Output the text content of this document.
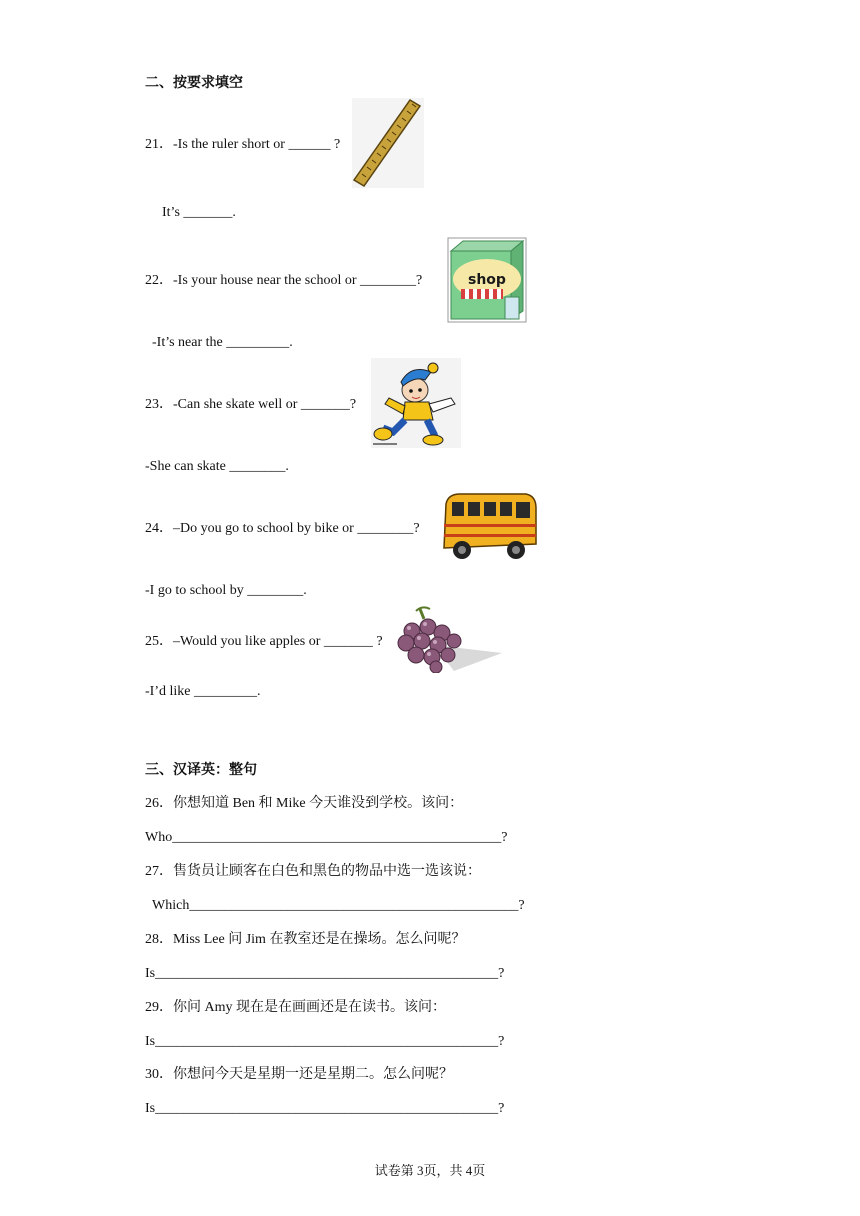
二、按要求填空
21．-Is the ruler short or ______ ?
It’s _______.
22．-Is your house near the school or ________?
-It’s near the _________.
23．-Can she skate well or _______?
-She can skate ________.
24．–Do you go to school by bike or ________?
-I go to school by ________.
25．–Would you like apples or _______ ?
-I’d like _________.
shop
三、汉译英：整句
26．你想知道 Ben 和 Mike 今天谁没到学校。该问：
Who_______________________________________________?
27．售货员让顾客在白色和黑色的物品中选一选该说：
Which_______________________________________________?
28．Miss Lee 问 Jim 在教室还是在操场。怎么问呢？
Is_________________________________________________?
29．你问 Amy 现在是在画画还是在读书。该问：
Is_________________________________________________?
30．你想问今天是星期一还是星期二。怎么问呢？
Is_________________________________________________?
试卷第 3页，共 4页
